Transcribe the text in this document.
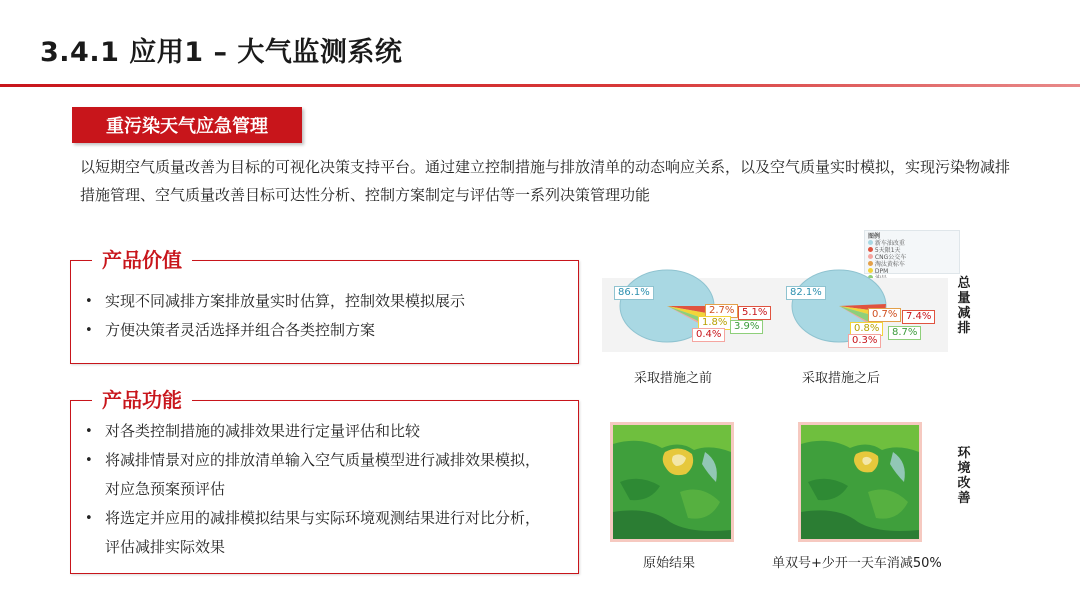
3.4.1 应用1 – 大气监测系统
重污染天气应急管理
以短期空气质量改善为目标的可视化决策支持平台。通过建立控制措施与排放清单的动态响应关系，以及空气质量实时模拟，实现污染物减排措施管理、空气质量改善目标可达性分析、控制方案制定与评估等一系列决策管理功能
• 实现不同减排方案排放量实时估算，控制效果模拟展示
• 方便决策者灵活选择并组合各类控制方案
产品价值
• 对各类控制措施的减排效果进行定量评估和比较
• 将减排情景对应的排放清单输入空气质量模型进行减排效果模拟，
对应急预案预评估
• 将选定并应用的减排模拟结果与实际环境观测结果进行对比分析，
评估减排实际效果
产品功能
图例
新车油改重
5天限1天
CNG公交车
淘汰黄标车
DPM
86.1%
2.7% 5.1%
1.8% 3.9%
0.4%
82.1%
0.7% 7.4%
0.8%	8.7%
0.3%
采取措施之前	采取措施之后
总量减排
环境改善
原始结果	单双号+少开一天车消减50%
